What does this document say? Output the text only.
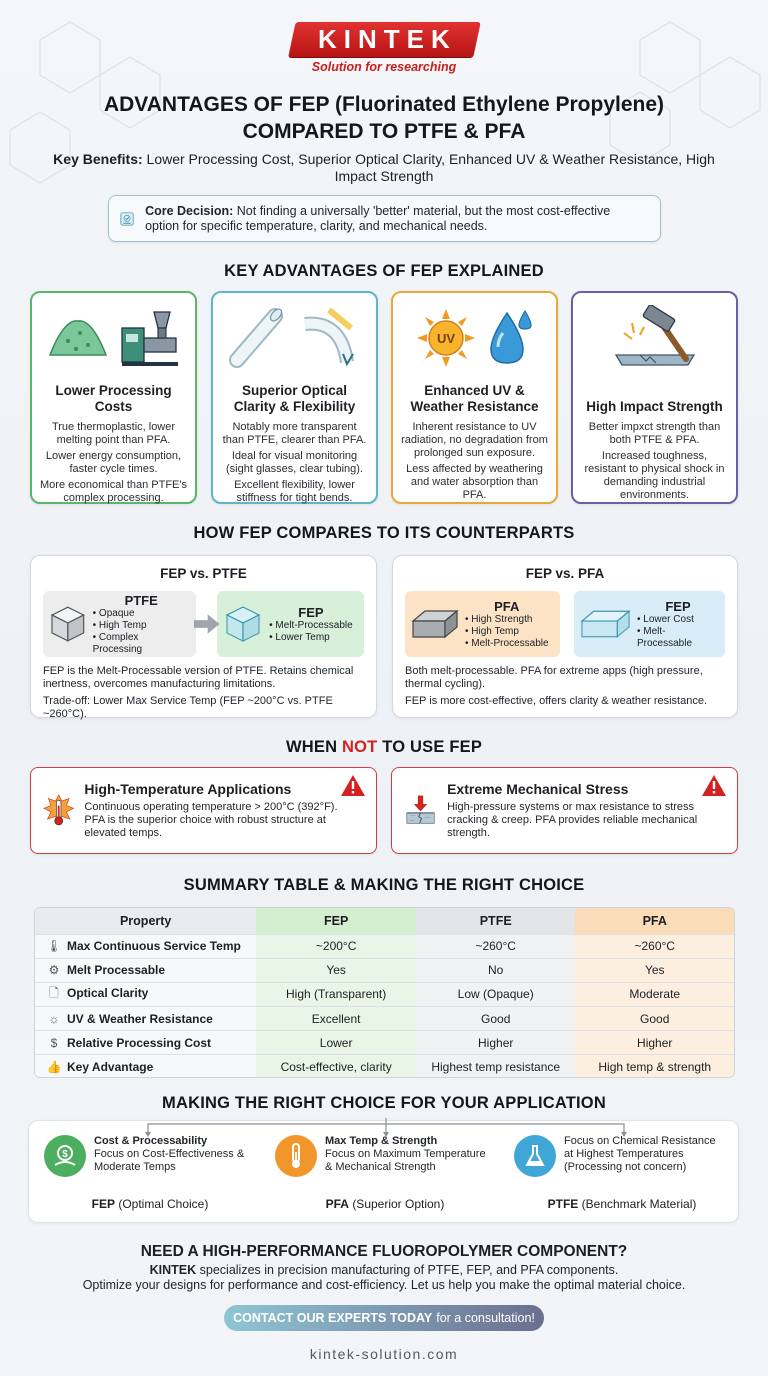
KINTEK
Solution for researching
ADVANTAGES OF FEP (Fluorinated Ethylene Propylene)
COMPARED TO PTFE & PFA
Key Benefits: Lower Processing Cost, Superior Optical Clarity, Enhanced UV & Weather Resistance, High Impact Strength
Core Decision: Not finding a universally 'better' material, but the most cost-effective option for specific temperature, clarity, and mechanical needs.
KEY ADVANTAGES OF FEP EXPLAINED
Lower Processing Costs

True thermoplastic, lower melting point than PFA.

Lower energy consumption, faster cycle times.

More economical than PTFE's complex processing.

Superior Optical Clarity & Flexibility

Notably more transparent than PTFE, clearer than PFA.

Ideal for visual monitoring (sight glasses, clear tubing).

Excellent flexibility, lower stiffness for tight bends.

UV
Enhanced UV & Weather Resistance

Inherent resistance to UV radiation, no degradation from prolonged sun exposure.

Less affected by weathering and water absorption than PFA.

High Impact Strength

Better impxct strength than both PTFE & PFA.

Increased toughness, resistant to physical shock in demanding industrial environments.

HOW FEP COMPARES TO ITS COUNTERPARTS
FEP vs. PTFE
PTFE
• Opaque
• High Temp
• Complex Processing
FEP
• Melt-Processable
• Lower Temp
FEP is the Melt-Processable version of PTFE. Retains chemical inertness, overcomes manufacturing limitations.
Trade-off: Lower Max Service Temp (FEP ~200°C vs. PTFE ~260°C).
FEP vs. PFA
PFA
• High Strength
• High Temp
• Melt-Processable
FEP
• Lower Cost
• Melt-Processable
Both melt-processable. PFA for extreme apps (high pressure, thermal cycling).
FEP is more cost-effective, offers clarity & weather resistance.
WHEN NOT TO USE FEP
High-Temperature Applications
Continuous operating temperature > 200°C (392°F). PFA is the superior choice with robust structure at elevated temps.
Extreme Mechanical Stress
High-pressure systems or max resistance to stress cracking & creep. PFA provides reliable mechanical strength.
SUMMARY TABLE & MAKING THE RIGHT CHOICE
Property	FEP	PTFE	PFA
🌡 Max Continuous Service Temp	~200°C	~260°C	~260°C
⚙ Melt Processable	Yes	No	Yes
🗋 Optical Clarity	High (Transparent)	Low (Opaque)	Moderate
☼ UV & Weather Resistance	Excellent	Good	Good
$ Relative Processing Cost	Lower	Higher	Higher
👍 Key Advantage	Cost-effective, clarity	Highest temp resistance	High temp & strength
MAKING THE RIGHT CHOICE FOR YOUR APPLICATION
$
Cost & Processability
Focus on Cost-Effectiveness & Moderate Temps
Max Temp & Strength
Focus on Maximum Temperature & Mechanical Strength
Focus on Chemical Resistance at Highest Temperatures (Processing not concern)
FEP (Optimal Choice)	PFA (Superior Option)	PTFE (Benchmark Material)
NEED A HIGH-PERFORMANCE FLUOROPOLYMER COMPONENT?
KINTEK specializes in precision manufacturing of PTFE, FEP, and PFA components.
Optimize your designs for performance and cost-efficiency. Let us help you make the optimal material choice.
CONTACT OUR EXPERTS TODAY for a consultation!
kintek-solution.com
